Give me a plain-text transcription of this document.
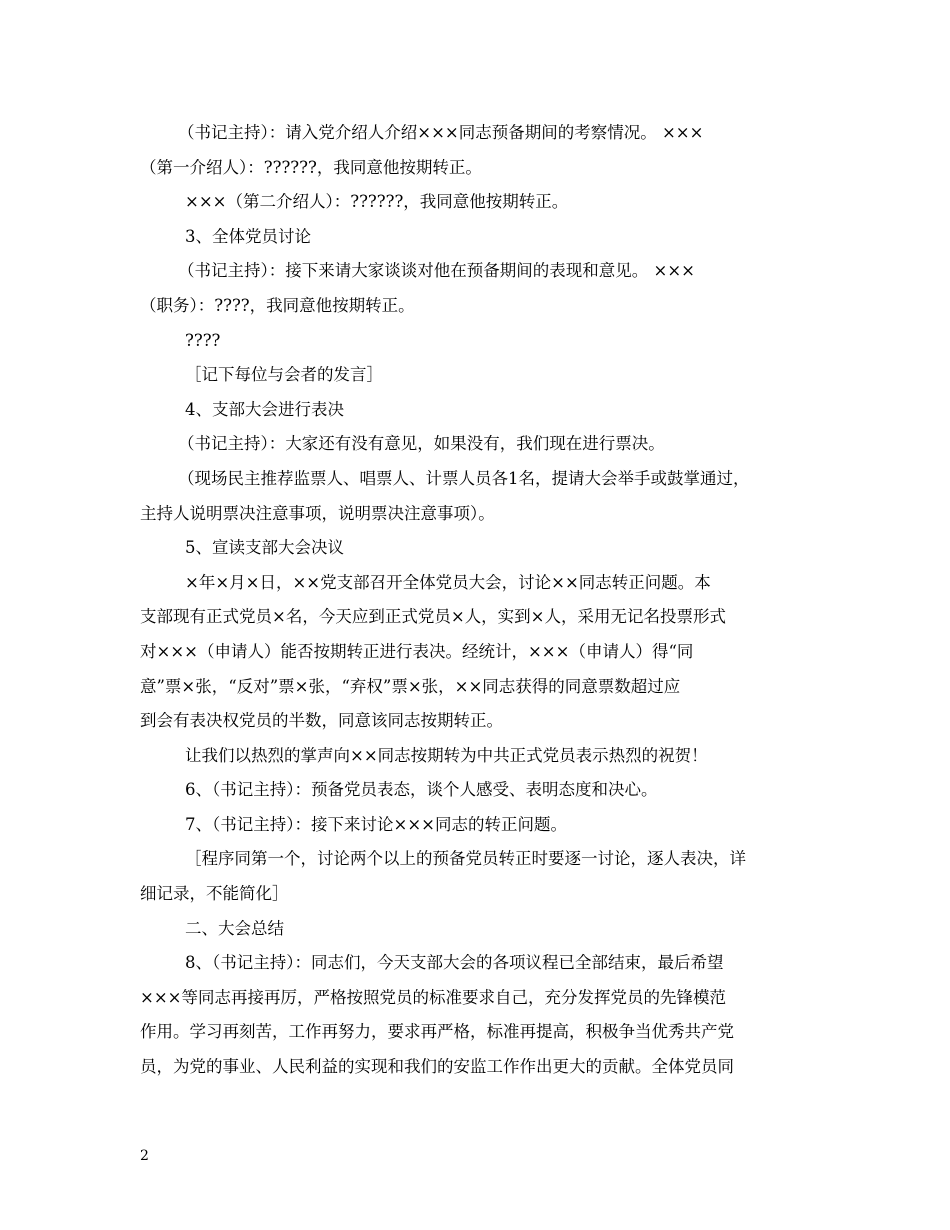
（书记主持）：请入党介绍人介绍×××同志预备期间的考察情况。 ×××
（第一介绍人）：??????，我同意他按期转正。
×××（第二介绍人）：??????，我同意他按期转正。
3、全体党员讨论
（书记主持）：接下来请大家谈谈对他在预备期间的表现和意见。 ×××
（职务）：????，我同意他按期转正。
????
［记下每位与会者的发言］
4、支部大会进行表决
（书记主持）：大家还有没有意见，如果没有，我们现在进行票决。
（现场民主推荐监票人、唱票人、计票人员各1名，提请大会举手或鼓掌通过，
主持人说明票决注意事项，说明票决注意事项）。
5、宣读支部大会决议
×年×月×日，××党支部召开全体党员大会，讨论××同志转正问题。本
支部现有正式党员×名，今天应到正式党员×人，实到×人，采用无记名投票形式
对×××（申请人）能否按期转正进行表决。经统计，×××（申请人）得“同
意”票×张，“反对”票×张，“弃权”票×张，××同志获得的同意票数超过应
到会有表决权党员的半数，同意该同志按期转正。
让我们以热烈的掌声向××同志按期转为中共正式党员表示热烈的祝贺！
6、（书记主持）：预备党员表态，谈个人感受、表明态度和决心。
7、（书记主持）：接下来讨论×××同志的转正问题。
［程序同第一个，讨论两个以上的预备党员转正时要逐一讨论，逐人表决，详
细记录，不能简化］
二、大会总结
8、（书记主持）：同志们，今天支部大会的各项议程已全部结束，最后希望
×××等同志再接再厉，严格按照党员的标准要求自己，充分发挥党员的先锋模范
作用。学习再刻苦，工作再努力，要求再严格，标准再提高，积极争当优秀共产党
员，为党的事业、人民利益的实现和我们的安监工作作出更大的贡献。全体党员同
2
